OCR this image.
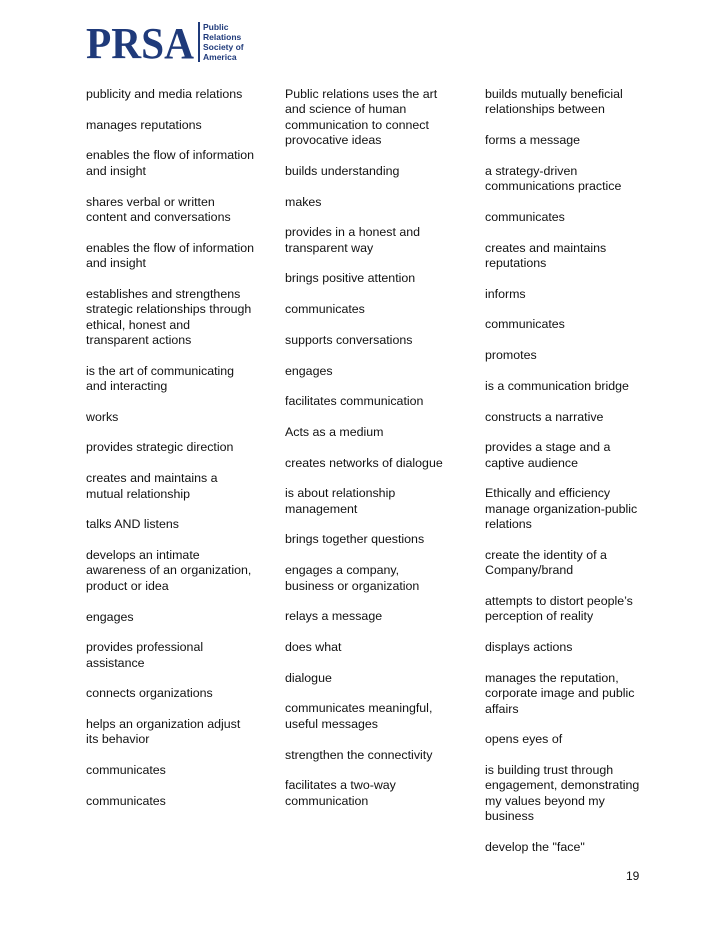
PRSA Public
Relations
Society of
America
publicity and media relations
manages reputations
enables the flow of information and insight
shares verbal or written content and conversations
enables the flow of information and insight
establishes and strengthens strategic relationships through ethical, honest and transparent actions
is the art of communicating and interacting
works
provides strategic direction
creates and maintains a mutual relationship
talks AND listens
develops an intimate awareness of an organization, product or idea
engages
provides professional assistance
connects organizations
helps an organization adjust its behavior
communicates
communicates
Public relations uses the art and science of human communication to connect provocative ideas
builds understanding
makes
provides in a honest and transparent way
brings positive attention
communicates
supports conversations
engages
facilitates communication
Acts as a medium
creates networks of dialogue
is about relationship management
brings together questions
engages a company, business or organization
relays a message
does what
dialogue
communicates meaningful, useful messages
strengthen the connectivity
facilitates a two-way communication
builds mutually beneficial relationships between
forms a message
a strategy-driven communications practice
communicates
creates and maintains reputations
informs
communicates
promotes
is a communication bridge
constructs a narrative
provides a stage and a captive audience
Ethically and efficiency manage organization-public relations
create the identity of a Company/brand
attempts to distort people’s perception of reality
displays actions
manages the reputation, corporate image and public affairs
opens eyes of
is building trust through engagement, demonstrating my values beyond my business
develop the "face"
19
